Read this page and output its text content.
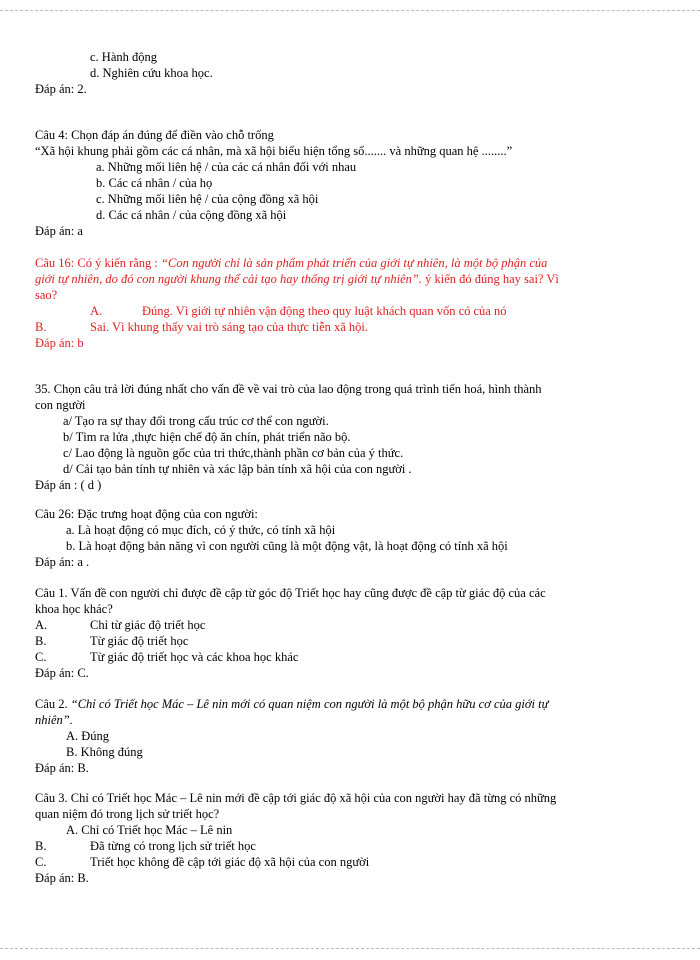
c. Hành động
d. Nghiên cứu khoa học.
Đáp án: 2.
Câu 4: Chọn đáp án đúng để điền vào chỗ trống
“Xã hội khung phải gồm các cá nhân, mà xã hội biểu hiện tổng số....... và những quan hệ ........”
a. Những mối liên hệ / của các cá nhân đối với nhau
b. Các cá nhân / của họ
c. Những mối liên hệ / của cộng đồng xã hội
d. Các cá nhân / của cộng đồng xã hội
Đáp án: a
Câu 16: Có ý kiến rằng : “Con người chỉ là sản phẩm phát triển của giới tự nhiên, là một bộ phận của
giới tự nhiên, do đó con người khung thể cải tạo hay thống trị giới tự nhiên”. ý kiến đó đúng hay sai? Vì
sao?
A.	Đúng. Vì giới tự nhiên vận động theo quy luật khách quan vốn có của nó
B.	Sai. Vì khung thấy vai trò sáng tạo của thực tiễn xã hội.
Đáp án: b
35. Chọn câu trả lời đúng nhất cho vấn đề về vai trò của lao động trong quá trình tiến hoá, hình thành
con người
a/ Tạo ra sự thay đổi trong cấu trúc cơ thể con người.
b/ Tìm ra lửa ,thực hiện chế độ ăn chín, phát triển não bộ.
c/ Lao động là nguồn gốc của tri thức,thành phần cơ bản của ý thức.
d/ Cải tạo bản tính tự nhiên và xác lập bản tính xã hội của con người .
Đáp án : ( d )
Câu 26: Đặc trưng hoạt động của con người:
a. Là hoạt động có mục đích, có ý thức, có tính xã hội
b. Là hoạt động bản năng vì con người cũng là một động vật, là hoạt động có tính xã hội
Đáp án: a .
Câu 1. Vấn đề con người chỉ được đề cập từ góc độ Triết học hay cũng được đề cập từ giác độ của các
khoa học khác?
A.	Chỉ từ giác độ triết học
B.	Từ giác độ triết học
C.	Từ giác độ triết học và các khoa học khác
Đáp án: C.
Câu 2. “Chỉ có Triết học Mác – Lê nin mới có quan niệm con người là một bộ phận hữu cơ của giới tự
nhiên”.
A. Đúng
B. Không đúng
Đáp án: B.
Câu 3. Chỉ có Triết học Mác – Lê nin mới đề cập tới giác độ xã hội của con người hay đã từng có những
quan niệm đó trong lịch sử triết học?
A. Chỉ có Triết học Mác – Lê nin
B.	Đã từng có trong lịch sử triết học
C.	Triết học không đề cập tới giác độ xã hội của con người
Đáp án: B.
